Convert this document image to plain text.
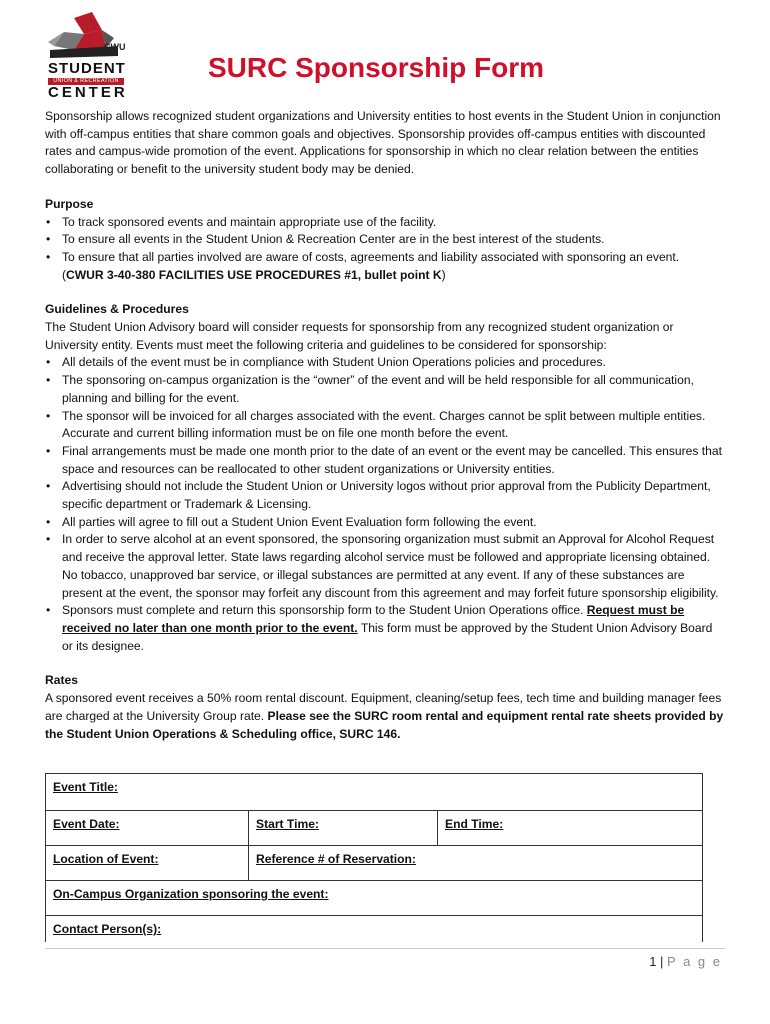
CWU
STUDENT
UNION & RECREATION
CENTER
SURC Sponsorship Form

Sponsorship allows recognized student organizations and University entities to host events in the Student Union in conjunction with off-campus entities that share common goals and objectives. Sponsorship provides off-campus entities with discounted rates and campus-wide promotion of the event. Applications for sponsorship in which no clear relation between the entities collaborating or benefit to the university student body may be denied.

Purpose

• To track sponsored events and maintain appropriate use of the facility.
• To ensure all events in the Student Union & Recreation Center are in the best interest of the students.
• To ensure that all parties involved are aware of costs, agreements and liability associated with sponsoring an event.
(CWUR 3-40-380 FACILITIES USE PROCEDURES #1, bullet point K)

Guidelines & Procedures

The Student Union Advisory board will consider requests for sponsorship from any recognized student organization or University entity. Events must meet the following criteria and guidelines to be considered for sponsorship:

• All details of the event must be in compliance with Student Union Operations policies and procedures.
• The sponsoring on-campus organization is the “owner” of the event and will be held responsible for all communication, planning and billing for the event.
• The sponsor will be invoiced for all charges associated with the event. Charges cannot be split between multiple entities. Accurate and current billing information must be on file one month before the event.
• Final arrangements must be made one month prior to the date of an event or the event may be cancelled. This ensures that space and resources can be reallocated to other student organizations or University entities.
• Advertising should not include the Student Union or University logos without prior approval from the Publicity Department, specific department or Trademark & Licensing.
• All parties will agree to fill out a Student Union Event Evaluation form following the event.
• In order to serve alcohol at an event sponsored, the sponsoring organization must submit an Approval for Alcohol Request and receive the approval letter. State laws regarding alcohol service must be followed and appropriate licensing obtained. No tobacco, unapproved bar service, or illegal substances are permitted at any event. If any of these substances are present at the event, the sponsor may forfeit any discount from this agreement and may forfeit future sponsorship eligibility.
• Sponsors must complete and return this sponsorship form to the Student Union Operations office. Request must be received no later than one month prior to the event. This form must be approved by the Student Union Advisory Board or its designee.

Rates

A sponsored event receives a 50% room rental discount. Equipment, cleaning/setup fees, tech time and building manager fees are charged at the University Group rate. Please see the SURC room rental and equipment rental rate sheets provided by the Student Union Operations & Scheduling office, SURC 146.

Event Title:		
Event Date:	Start Time:	End Time:
Location of Event:	Reference # of Reservation:	
On-Campus Organization sponsoring the event:		
Contact Person(s):		
1 | P a g e
